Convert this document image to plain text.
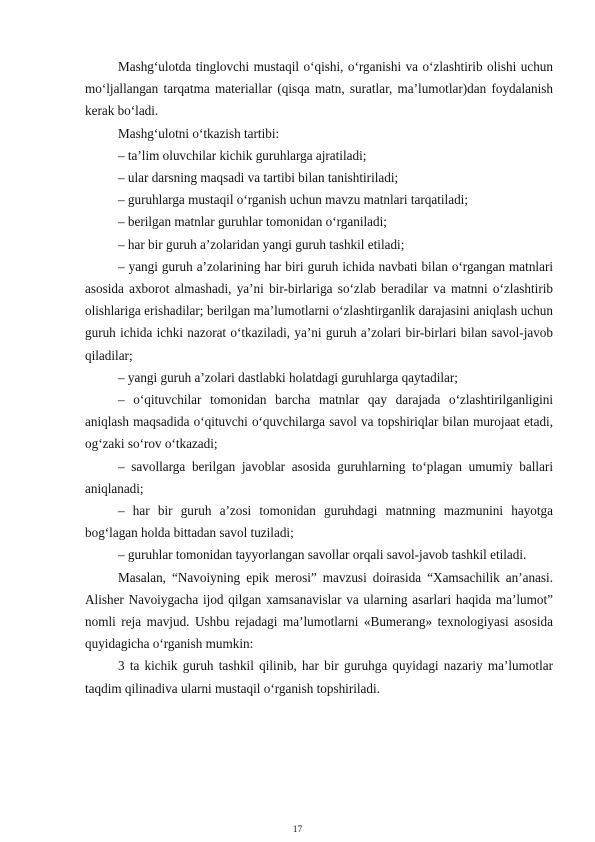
Mashg‘ulotda tinglovchi mustaqil o‘qishi, o‘rganishi va o‘zlashtirib olishi uchun mo‘ljallangan tarqatma materiallar (qisqa matn, suratlar, ma’lumotlar)dan foydalanish kerak bo‘ladi.

Mashg‘ulotni o‘tkazish tartibi:

– ta’lim oluvchilar kichik guruhlarga ajratiladi;

– ular darsning maqsadi va tartibi bilan tanishtiriladi;

– guruhlarga mustaqil o‘rganish uchun mavzu matnlari tarqatiladi;

– berilgan matnlar guruhlar tomonidan o‘rganiladi;

– har bir guruh a’zolaridan yangi guruh tashkil etiladi;

– yangi guruh a’zolarining har biri guruh ichida navbati bilan o‘rgangan matnlari asosida axborot almashadi, ya’ni bir-birlariga so‘zlab beradilar va matnni o‘zlashtirib olishlariga erishadilar; berilgan ma’lumotlarni o‘zlashtirganlik darajasini aniqlash uchun guruh ichida ichki nazorat o‘tkaziladi, ya’ni guruh a’zolari bir-birlari bilan savol-javob qiladilar;

– yangi guruh a’zolari dastlabki holatdagi guruhlarga qaytadilar;

– o‘qituvchilar tomonidan barcha matnlar qay darajada o‘zlashtirilganligini aniqlash maqsadida o‘qituvchi o‘quvchilarga savol va topshiriqlar bilan murojaat etadi, og‘zaki so‘rov o‘tkazadi;

– savollarga berilgan javoblar asosida guruhlarning to‘plagan umumiy ballari aniqlanadi;

– har bir guruh a’zosi tomonidan guruhdagi matnning mazmunini hayotga bog‘lagan holda bittadan savol tuziladi;

– guruhlar tomonidan tayyorlangan savollar orqali savol-javob tashkil etiladi.

Masalan, “Navoiyning epik merosi” mavzusi doirasida “Xamsachilik an’anasi. Alisher Navoiygacha ijod qilgan xamsanavislar va ularning asarlari haqida ma’lumot” nomli reja mavjud. Ushbu rejadagi ma’lumotlarni «Bumerang» texnologiyasi asosida quyidagicha o‘rganish mumkin:

3 ta kichik guruh tashkil qilinib, har bir guruhga quyidagi nazariy ma’lumotlar taqdim qilinadiva ularni mustaqil o‘rganish topshiriladi.

17
